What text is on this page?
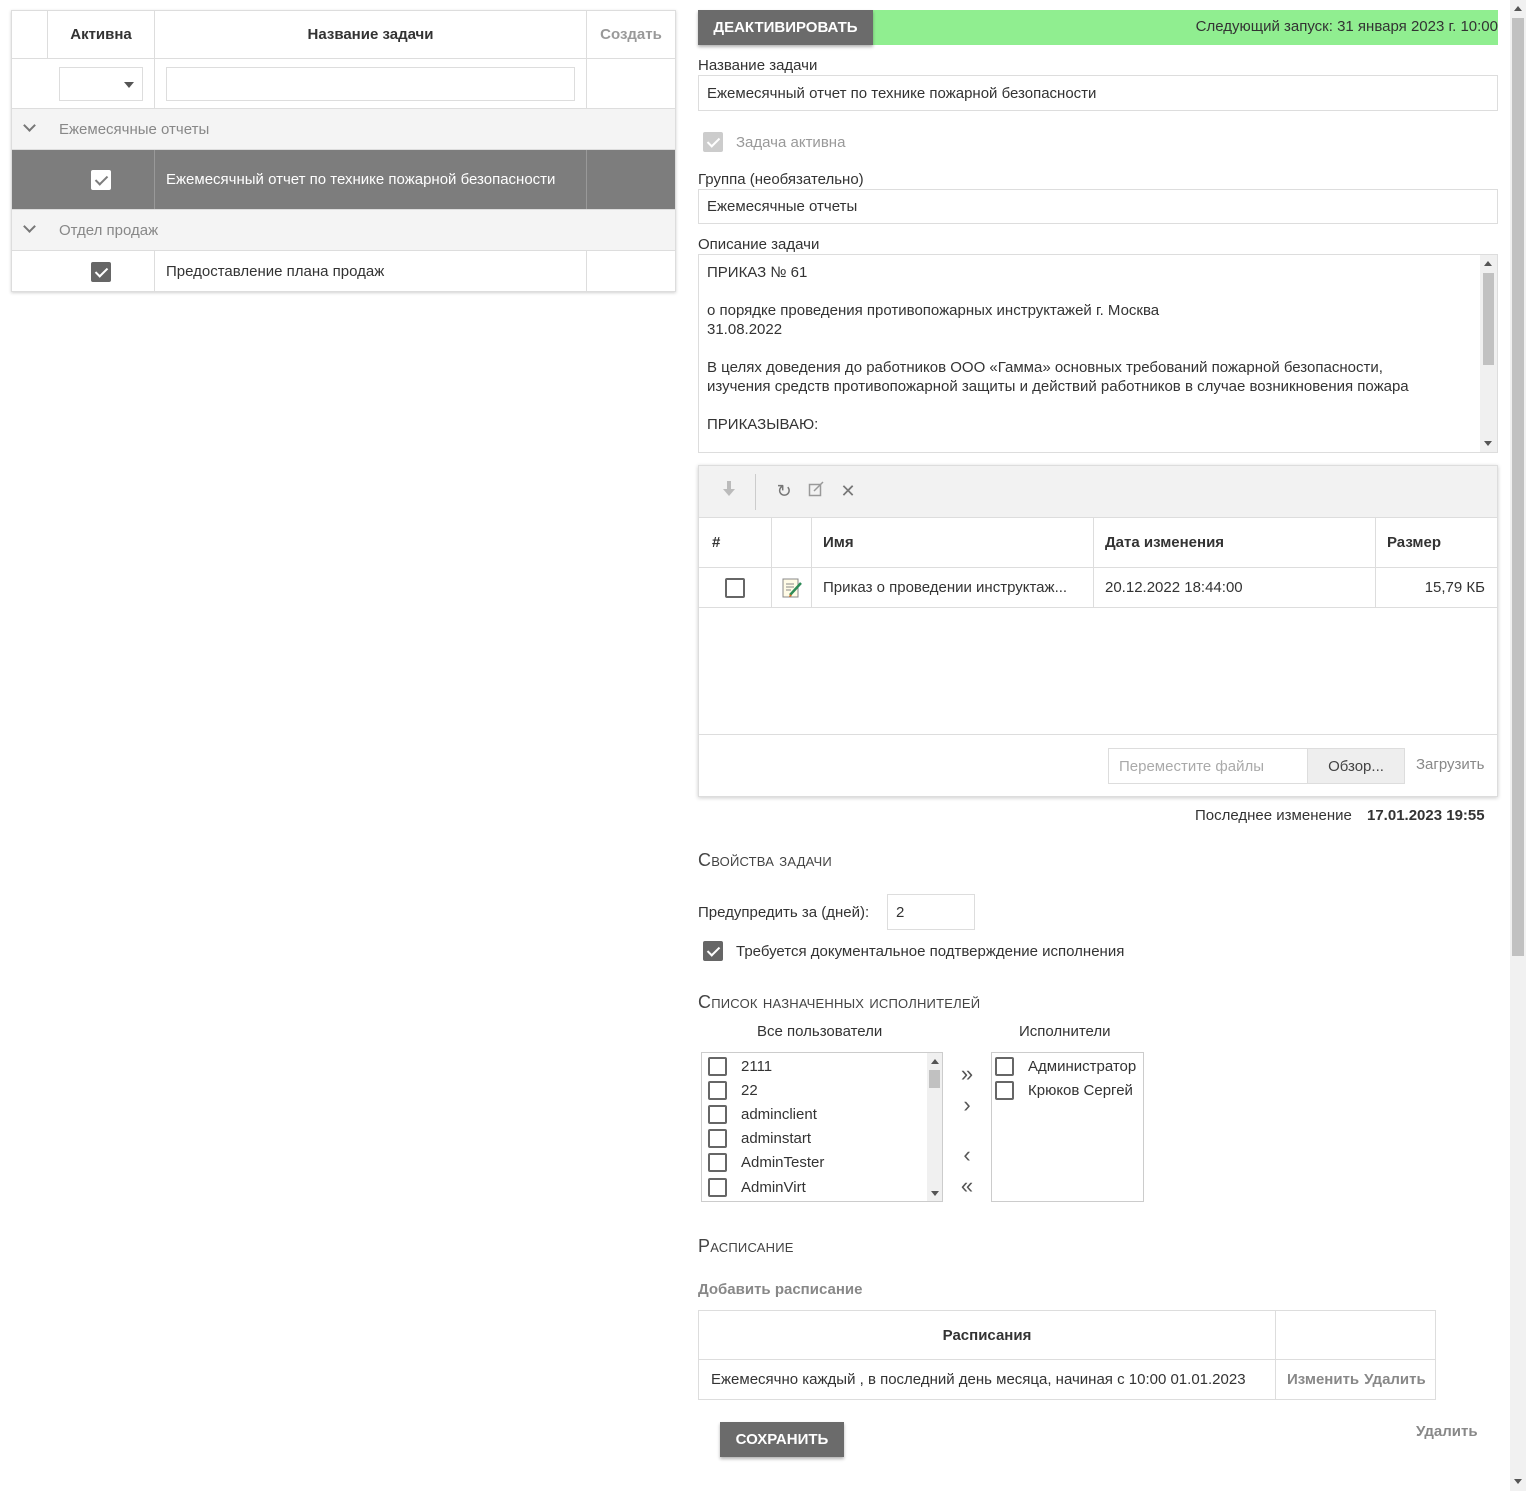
Активна	Название задачи	Создать
Ежемесячные отчеты
Ежемесячный отчет по технике пожарной безопасности
Отдел продаж
Предоставление плана продаж
ДЕАКТИВИРОВАТЬ	Следующий запуск: 31 января 2023 г. 10:00
Название задачи
Ежемесячный отчет по технике пожарной безопасности
Задача активна
Группа (необязательно)
Ежемесячные отчеты
Описание задачи
ПРИКАЗ № 61
о порядке проведения противопожарных инструктажей г. Москва
31.08.2022
В целях доведения до работников ООО «Гамма» основных требований пожарной безопасности,
изучения средств противопожарной защиты и действий работников в случае возникновения пожара
ПРИКАЗЫВАЮ:
↻	✕
#	Имя	Дата изменения	Размер
Приказ о проведении инструктаж...	20.12.2022 18:44:00	15,79 КБ
Переместите файлы	Обзор...	Загрузить
Последнее изменение 17.01.2023 19:55
Свойства задачи
Предупредить за (дней): 2
Требуется документальное подтверждение исполнения
Список назначенных исполнителей
Все пользователи	Исполнители
2111
22
adminclient
adminstart
AdminTester
AdminVirt
»
›
‹
«
Администратор
Крюков Сергей
Расписание
Добавить расписание
Расписания
Ежемесячно каждый , в последний день месяца, начиная с 10:00 01.01.2023	Изменить Удалить
СОХРАНИТЬ	Удалить
